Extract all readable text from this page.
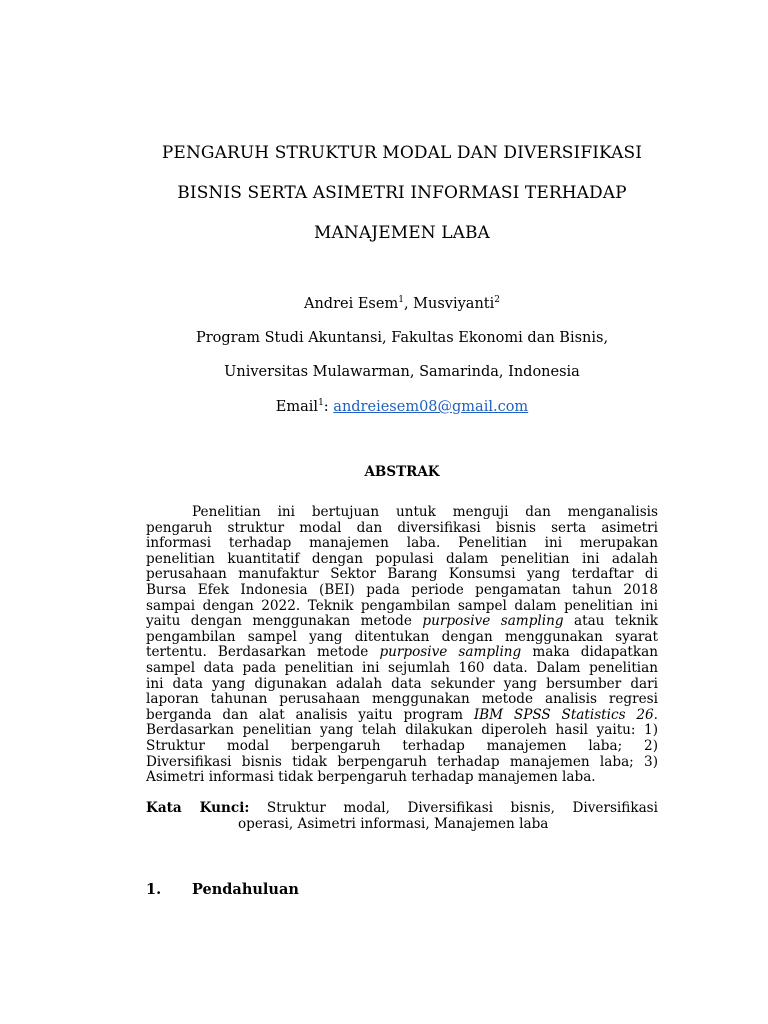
PENGARUH STRUKTUR MODAL DAN DIVERSIFIKASI
BISNIS SERTA ASIMETRI INFORMASI TERHADAP
MANAJEMEN LABA
Andrei Esem$^1$, Musviyanti$^2$
Program Studi Akuntansi, Fakultas Ekonomi dan Bisnis,
Universitas Mulawarman, Samarinda, Indonesia
Email$^1$: andreiesem08@gmail.com
ABSTRAK
Penelitian ini bertujuan untuk menguji dan menganalisis
pengaruh struktur modal dan diversifikasi bisnis serta asimetri
informasi terhadap manajemen laba. Penelitian ini merupakan
penelitian kuantitatif dengan populasi dalam penelitian ini adalah
perusahaan manufaktur Sektor Barang Konsumsi yang terdaftar di
Bursa Efek Indonesia (BEI) pada periode pengamatan tahun 2018
sampai dengan 2022. Teknik pengambilan sampel dalam penelitian ini
yaitu dengan menggunakan metode purposive sampling atau teknik
pengambilan sampel yang ditentukan dengan menggunakan syarat
tertentu. Berdasarkan metode purposive sampling maka didapatkan
sampel data pada penelitian ini sejumlah 160 data. Dalam penelitian
ini data yang digunakan adalah data sekunder yang bersumber dari
laporan tahunan perusahaan menggunakan metode analisis regresi
berganda dan alat analisis yaitu program IBM SPSS Statistics 26.
Berdasarkan penelitian yang telah dilakukan diperoleh hasil yaitu: 1)
Struktur modal berpengaruh terhadap manajemen laba; 2)
Diversifikasi bisnis tidak berpengaruh terhadap manajemen laba; 3)
Asimetri informasi tidak berpengaruh terhadap manajemen laba.
Kata Kunci: Struktur modal, Diversifikasi bisnis, Diversifikasi
operasi, Asimetri informasi, Manajemen laba
1. Pendahuluan
